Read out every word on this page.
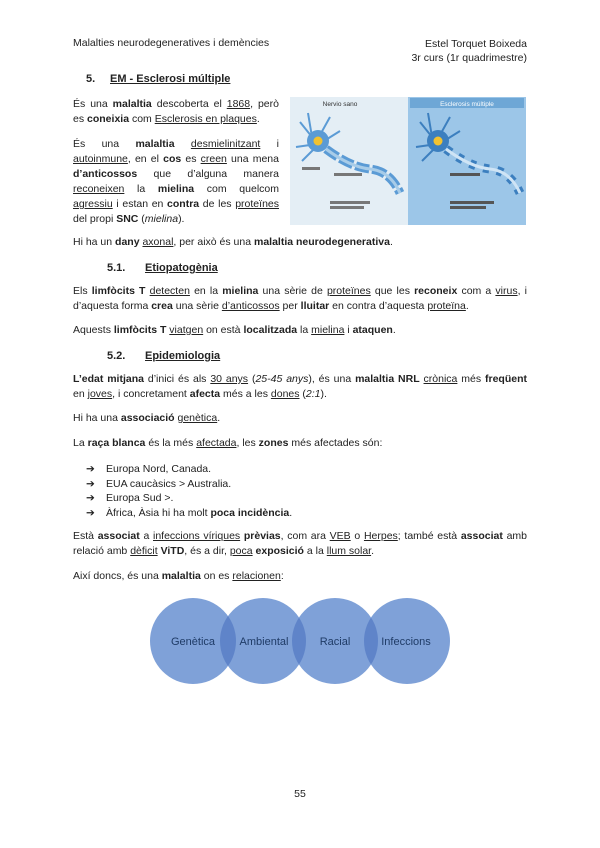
Malalties neurodegeneratives i demències	Estel Torquet Boixeda
3r curs (1r quadrimestre)
5. EM - Esclerosi múltiple
Nervio sano	Esclerosis múltiple

És una malaltia descoberta el 1868, però es coneixia com Esclerosis en plaques.

És una malaltia desmielinitzant i autoinmune, en el cos es creen una mena d’anticossos que d’alguna manera reconeixen la mielina com quelcom agressiu i estan en contra de les proteïnes del propi SNC (mielina).

Hi ha un dany axonal, per això és una malaltia neurodegenerativa.

5.1. Etiopatogènia

Els limfòcits T detecten en la mielina una sèrie de proteïnes que les reconeix com a virus, i d’aquesta forma crea una sèrie d’anticossos per lluitar en contra d’aquesta proteïna.

Aquests limfòcits T viatgen on està localitzada la mielina i ataquen.

5.2. Epidemiologia

L’edat mitjana d’inici és als 30 anys (25-45 anys), és una malaltia NRL crònica més freqüent en joves, i concretament afecta més a les dones (2:1).

Hi ha una associació genètica.

La raça blanca és la més afectada, les zones més afectades són:

➔ Europa Nord, Canada.
➔ EUA caucàsics > Australia.
➔ Europa Sud >.
➔ Àfrica, Àsia hi ha molt poca incidència.

Està associat a infeccions víriques prèvias, com ara VEB o Herpes; també està associat amb relació amb dèficit ViTD, és a dir, poca exposició a la llum solar.

Així doncs, és una malaltia on es relacionen:

Genètica Ambiental	Racial	Infeccions
55
